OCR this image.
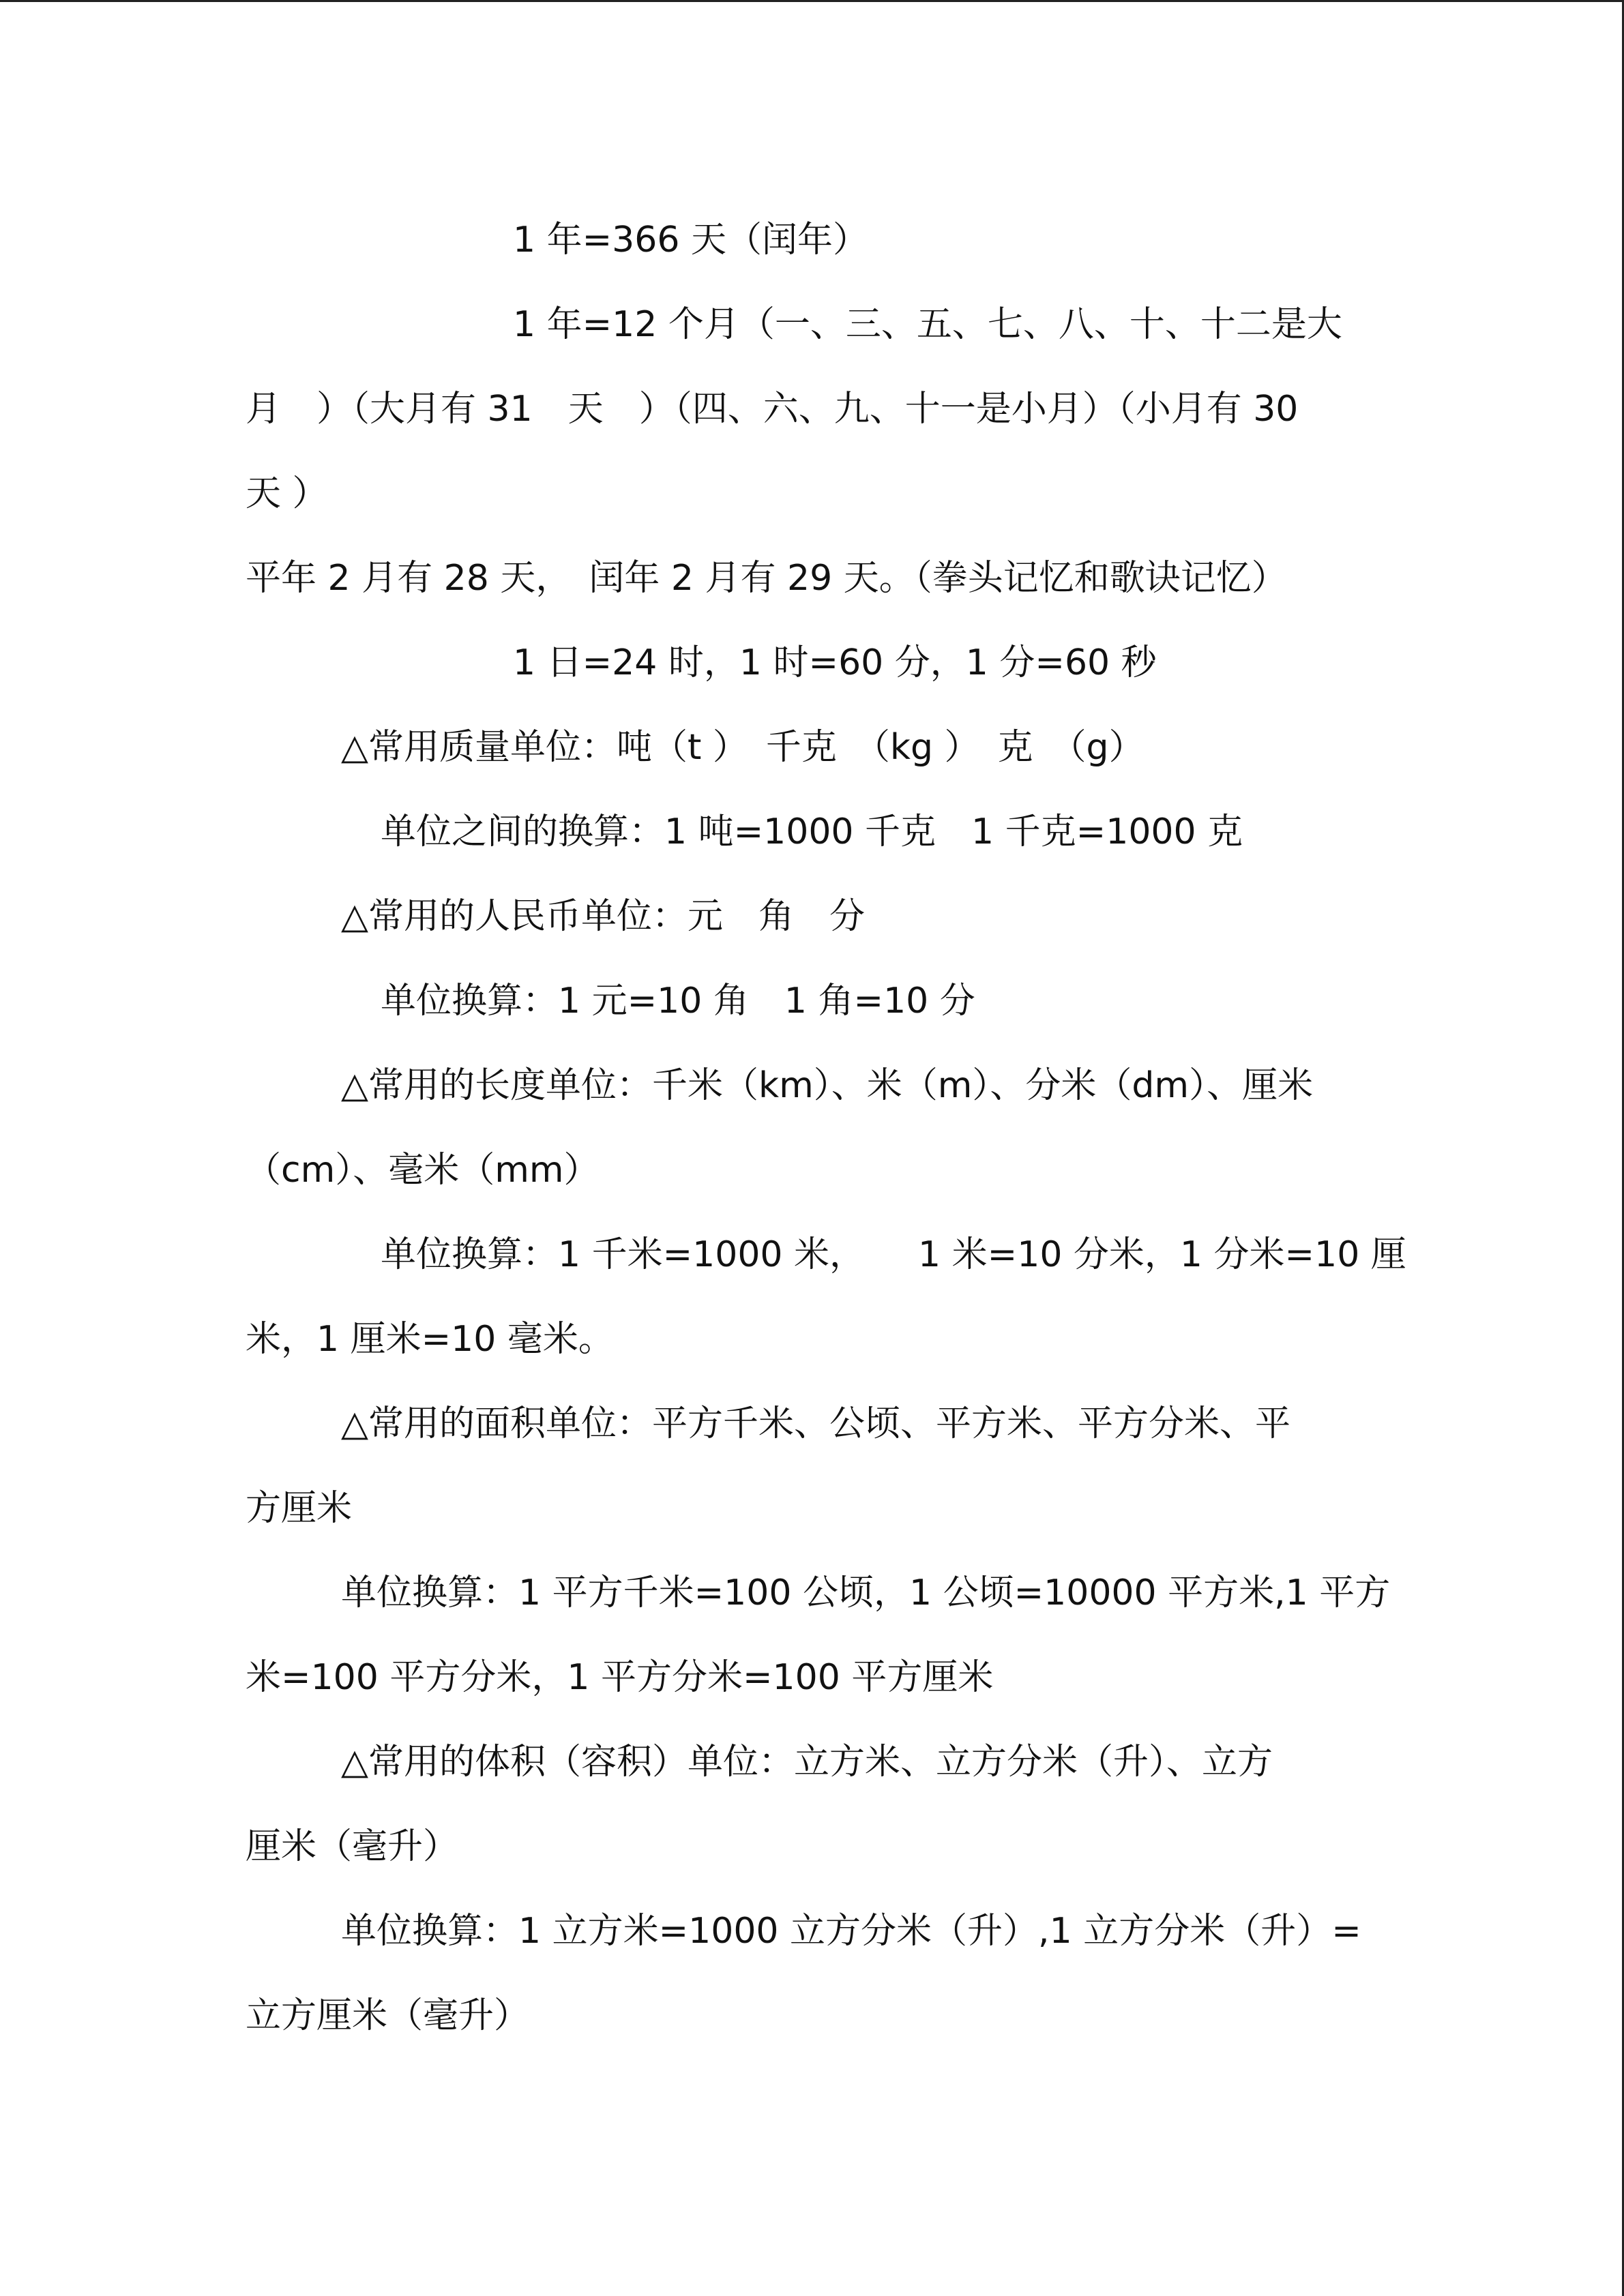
1 年=366 天（闰年）
1 年=12 个月（一、三、五、七、八、十、十二是大
月　）（大月有 31　天　）（四、六、九、十一是小月）（小月有 30
天 ）
平年 2 月有 28 天，　闰年 2 月有 29 天。（拳头记忆和歌诀记忆）
1 日=24 时，1 时=60 分，1 分=60 秒
△常用质量单位：吨（t ）　千克　（kg ）　克　（g）
单位之间的换算：1 吨=1000 千克　1 千克=1000 克
△常用的人民币单位：元　角　分
单位换算：1 元=10 角　1 角=10 分
△常用的长度单位：千米（km）、米（m）、分米（dm）、厘米
（cm）、毫米（mm）
单位换算：1 千米=1000 米，　　1 米=10 分米，1 分米=10 厘
米，1 厘米=10 毫米。
△常用的面积单位：平方千米、公顷、平方米、平方分米、平
方厘米
单位换算：1 平方千米=100 公顷，1 公顷=10000 平方米,1 平方
米=100 平方分米，1 平方分米=100 平方厘米
△常用的体积（容积）单位：立方米、立方分米（升）、立方
厘米（毫升）
单位换算：1 立方米=1000 立方分米（升）,1 立方分米（升）=
立方厘米（毫升）
